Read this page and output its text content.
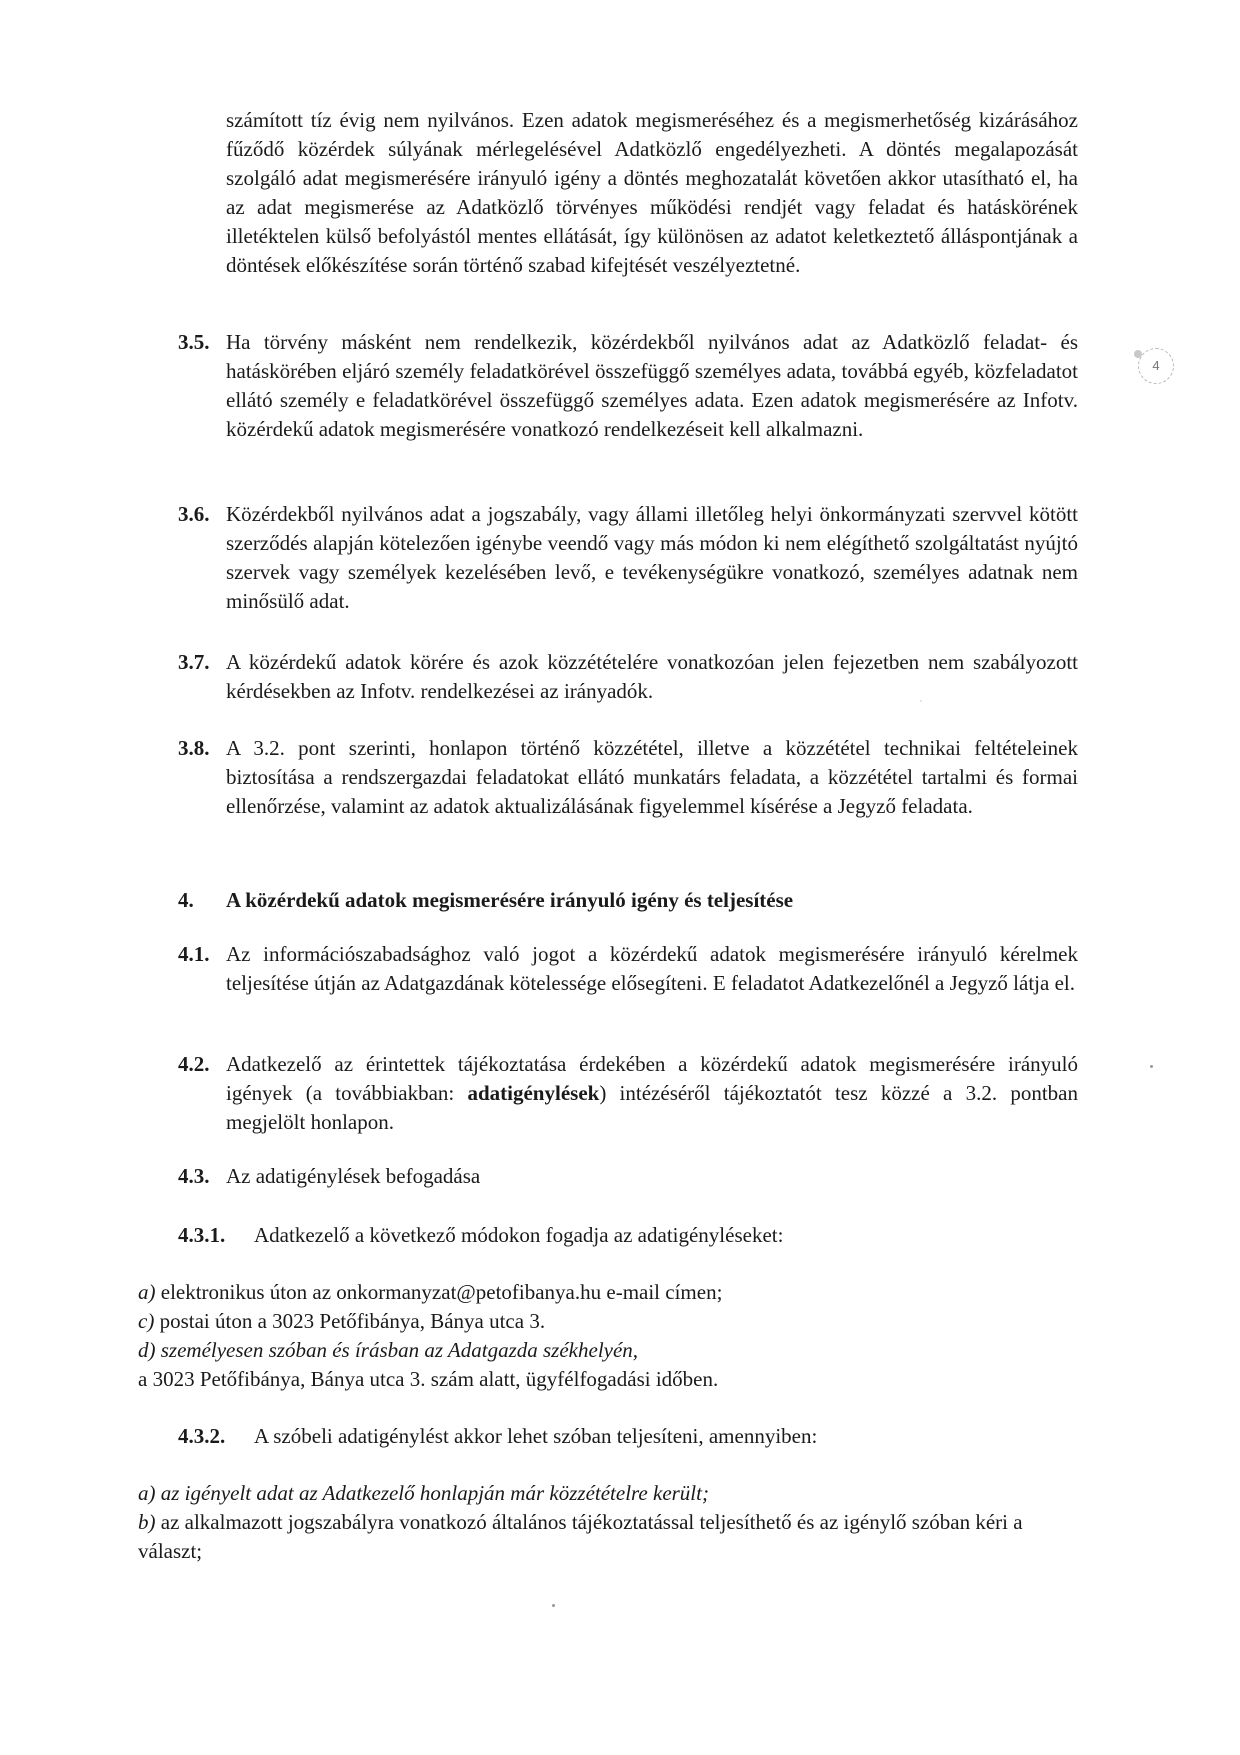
számított tíz évig nem nyilvános. Ezen adatok megismeréséhez és a megismerhetőség kizárásához fűződő közérdek súlyának mérlegelésével Adatközlő engedélyezheti. A döntés megalapozását szolgáló adat megismerésére irányuló igény a döntés meghozatalát követően akkor utasítható el, ha az adat megismerése az Adatközlő törvényes működési rendjét vagy feladat és hatáskörének illetéktelen külső befolyástól mentes ellátását, így különösen az adatot keletkeztető álláspontjának a döntések előkészítése során történő szabad kifejtését veszélyeztetné.
3.5. Ha törvény másként nem rendelkezik, közérdekből nyilvános adat az Adatközlő feladat- és hatáskörében eljáró személy feladatkörével összefüggő személyes adata, továbbá egyéb, közfeladatot ellátó személy e feladatkörével összefüggő személyes adata. Ezen adatok megismerésére az Infotv. közérdekű adatok megismerésére vonatkozó rendelkezéseit kell alkalmazni.
3.6. Közérdekből nyilvános adat a jogszabály, vagy állami illetőleg helyi önkormányzati szervvel kötött szerződés alapján kötelezően igénybe veendő vagy más módon ki nem elégíthető szolgáltatást nyújtó szervek vagy személyek kezelésében levő, e tevékenységükre vonatkozó, személyes adatnak nem minősülő adat.
3.7. A közérdekű adatok körére és azok közzétételére vonatkozóan jelen fejezetben nem szabályozott kérdésekben az Infotv. rendelkezései az irányadók.
3.8. A 3.2. pont szerinti, honlapon történő közzététel, illetve a közzététel technikai feltételeinek biztosítása a rendszergazdai feladatokat ellátó munkatárs feladata, a közzététel tartalmi és formai ellenőrzése, valamint az adatok aktualizálásának figyelemmel kísérése a Jegyző feladata.
4. A közérdekű adatok megismerésére irányuló igény és teljesítése
4.1. Az információszabadsághoz való jogot a közérdekű adatok megismerésére irányuló kérelmek teljesítése útján az Adatgazdának kötelessége elősegíteni. E feladatot Adatkezelőnél a Jegyző látja el.
4.2. Adatkezelő az érintettek tájékoztatása érdekében a közérdekű adatok megismerésére irányuló igények (a továbbiakban: adatigénylések) intézéséről tájékoztatót tesz közzé a 3.2. pontban megjelölt honlapon.
4.3. Az adatigénylések befogadása
4.3.1. Adatkezelő a következő módokon fogadja az adatigényléseket:
a) elektronikus úton az onkormanyzat@petofibanya.hu e-mail címen;
c) postai úton a 3023 Petőfibánya, Bánya utca 3.
d) személyesen szóban és írásban az Adatgazda székhelyén,
a 3023 Petőfibánya, Bánya utca 3. szám alatt, ügyfélfogadási időben.
4.3.2. A szóbeli adatigénylést akkor lehet szóban teljesíteni, amennyiben:
a) az igényelt adat az Adatkezelő honlapján már közzétételre került;
b) az alkalmazott jogszabályra vonatkozó általános tájékoztatással teljesíthető és az igénylő szóban kéri a választ;
4
